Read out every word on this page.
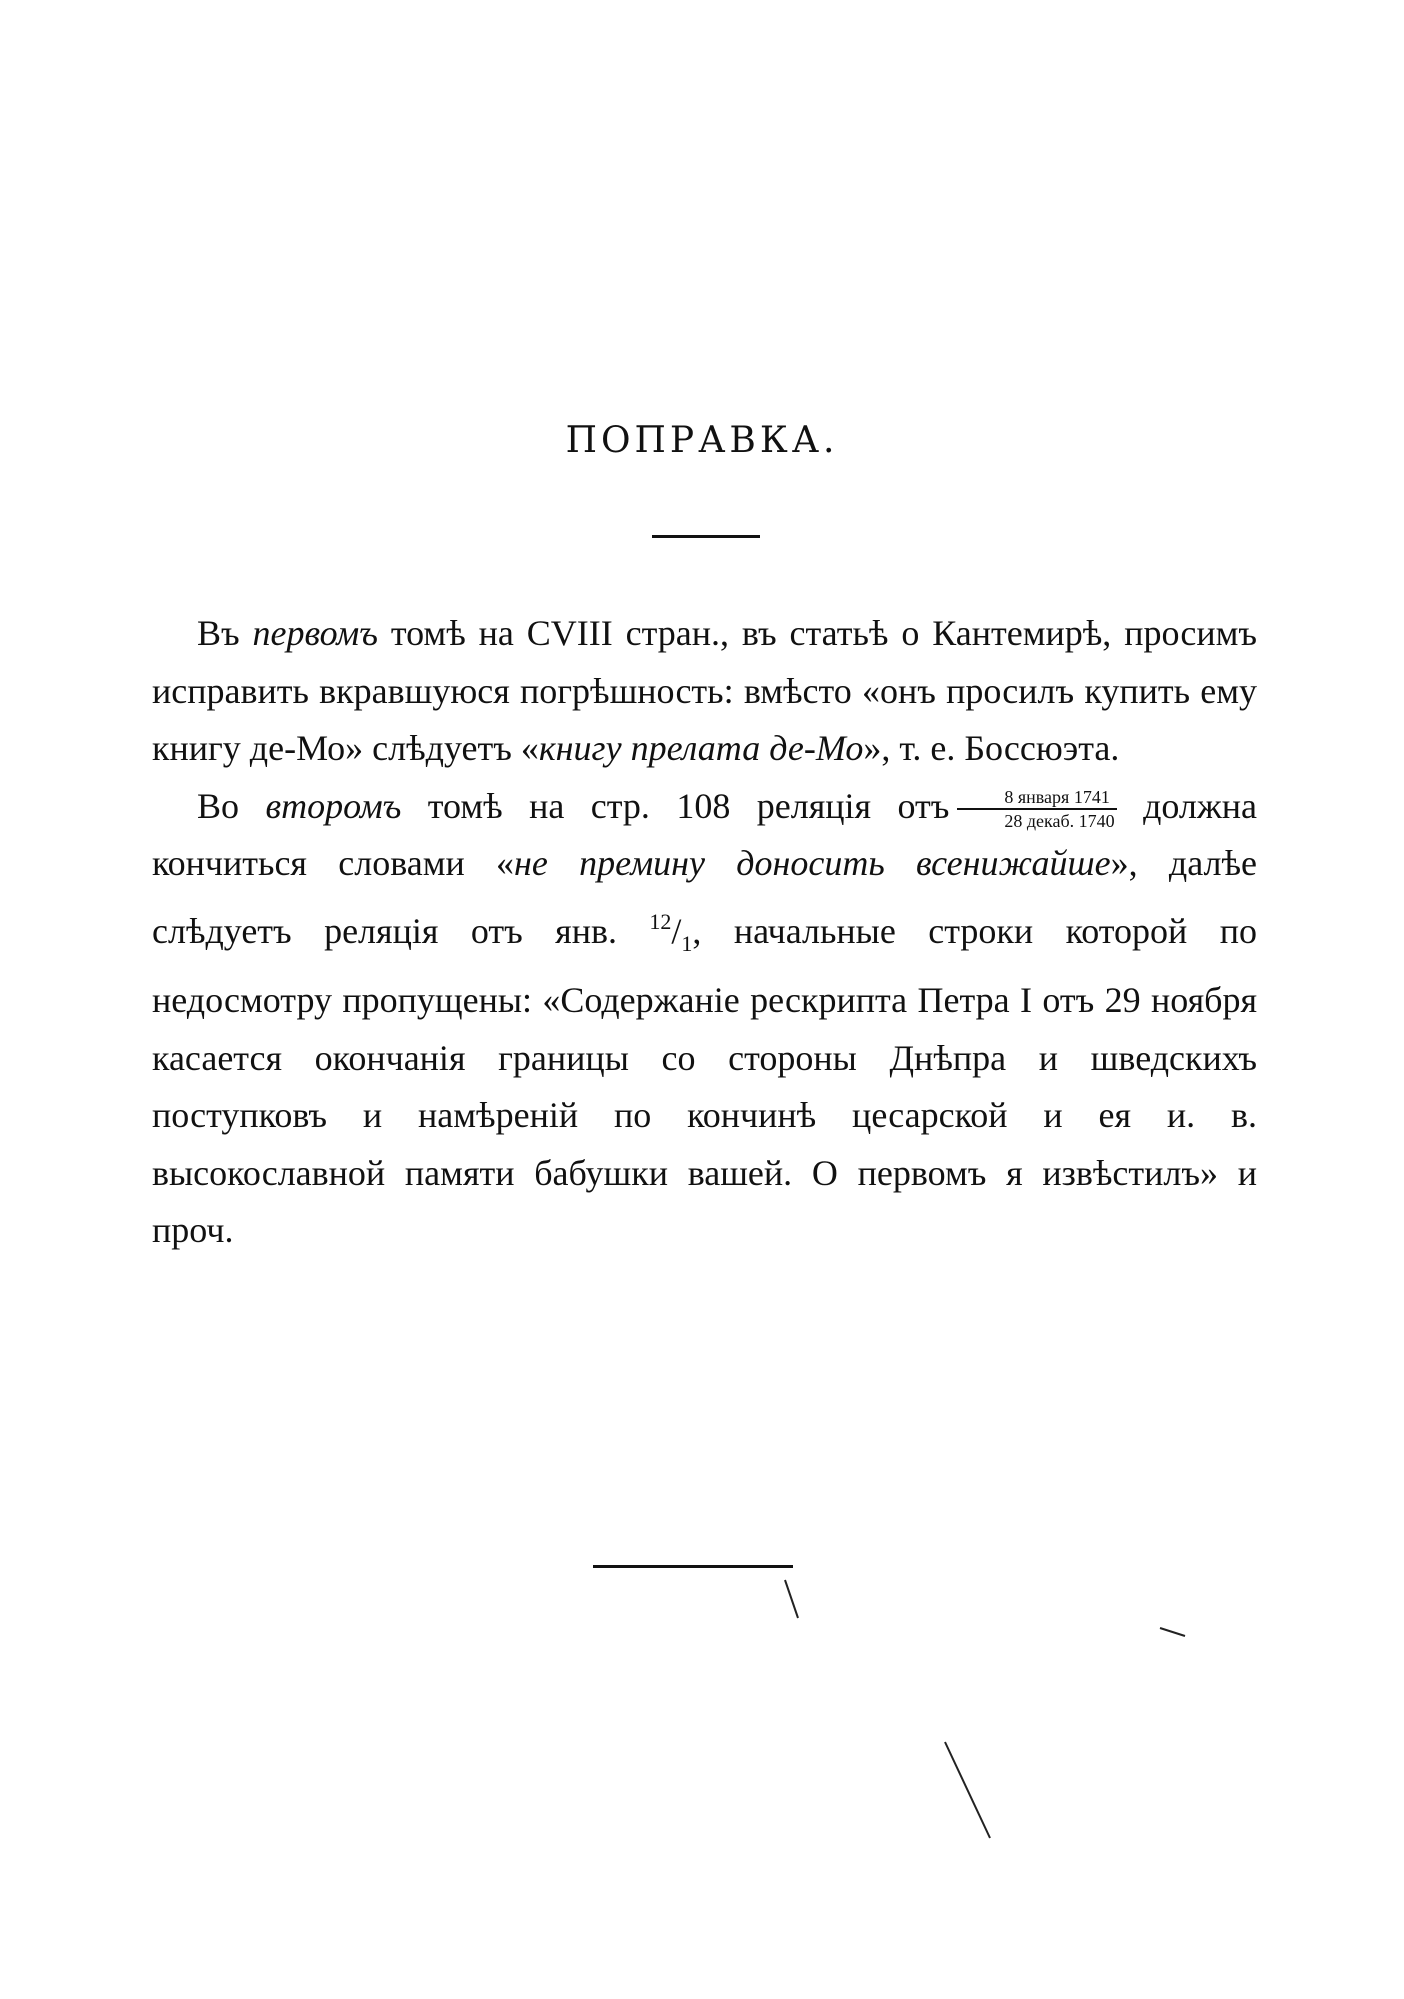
ПОПРАВКА.

Въ первомъ томѣ на CVIII стран., въ статьѣ о Кантемирѣ, просимъ исправить вкравшуюся погрѣшность: вмѣсто «онъ просилъ купить ему книгу де-Мо» слѣдуетъ «книгу прелата де-Мо», т. е. Боссюэта.

Во второмъ томѣ на стр. 108 реляція отъ $\frac{\text{8 января 1741}}{\text{28 декаб. 1740}}$ должна кончиться словами «не премину доносить всенижайше», далѣе слѣдуетъ реляція отъ янв. $^{12}/_1$, начальные строки которой по недосмотру пропущены: «Содержаніе рескрипта Петра I отъ 29 ноября касается окончанія границы со стороны Днѣпра и шведскихъ поступковъ и намѣреній по кончинѣ цесарской и ея и. в. высокославной памяти бабушки вашей. О первомъ я извѣстилъ» и проч.
